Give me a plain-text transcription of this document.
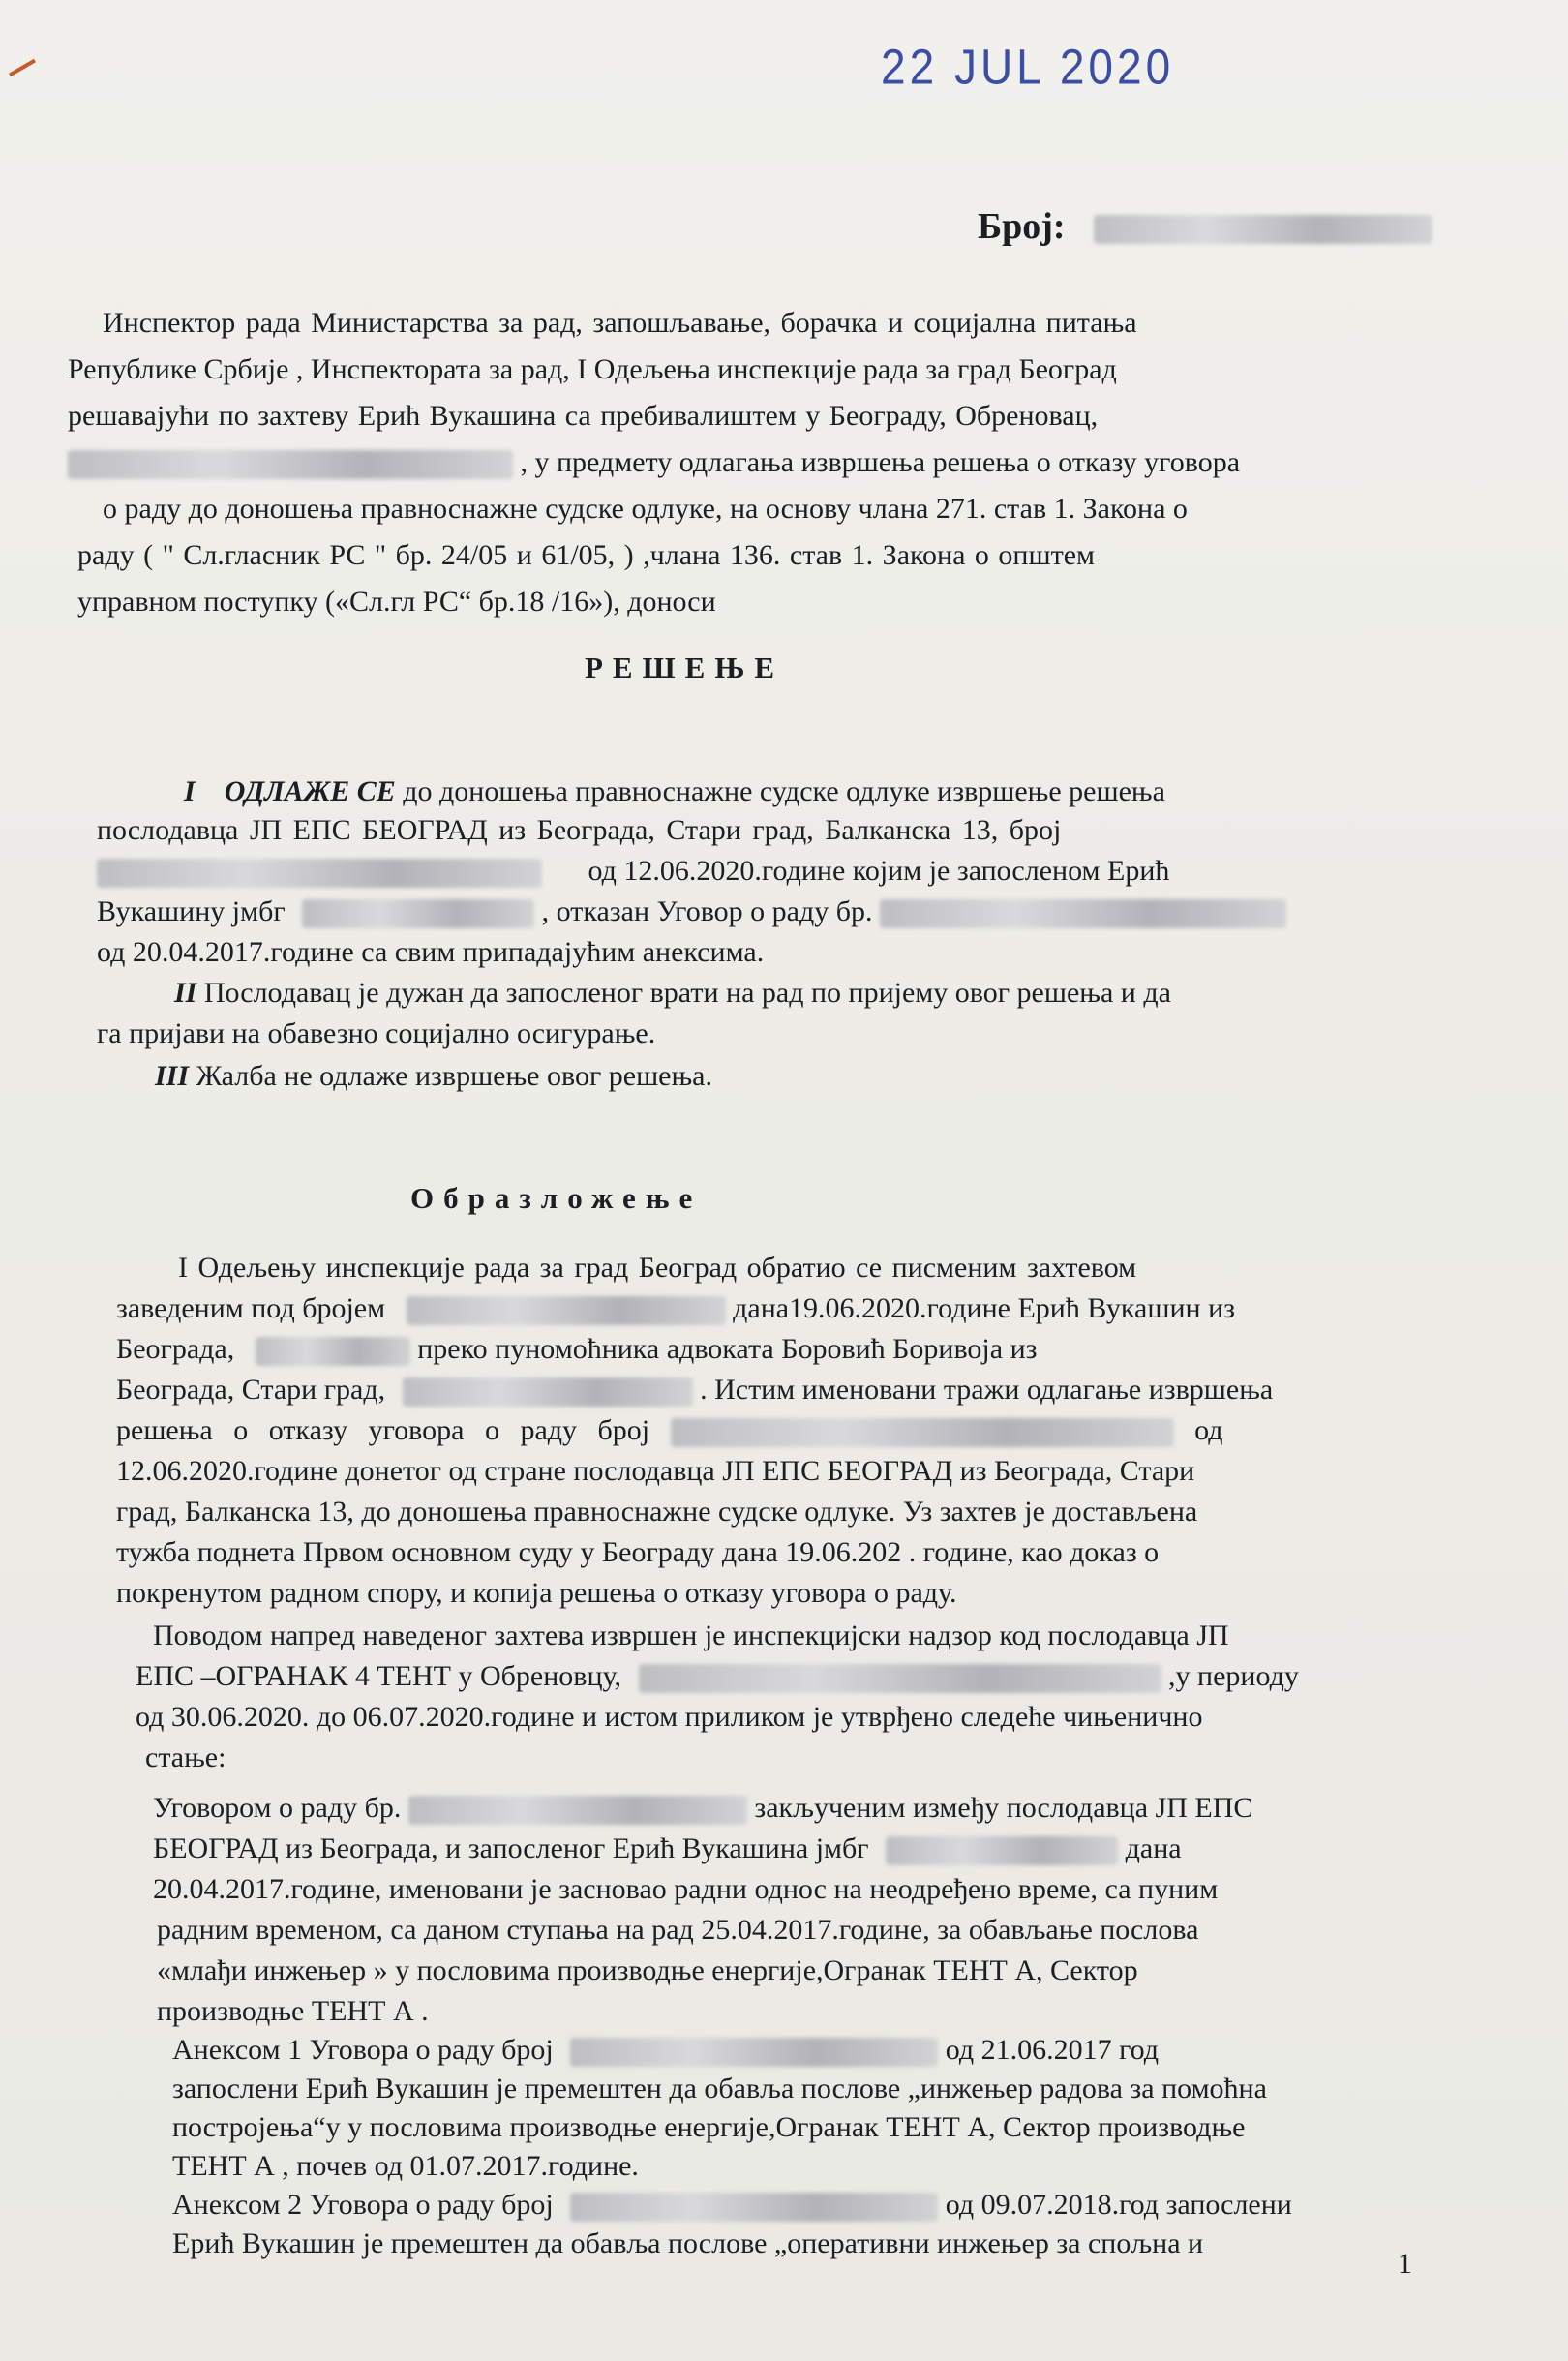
22 JUL 2020
Број:
Инспектор рада Министарства за рад, запошљавање, борачка и социјална питања
Републике Србије , Инспектората за рад, I Одељења инспекције рада за град Београд
решавајући по захтеву Ерић Вукашина са пребивалиштем у Београду, Обреновац,
, у предмету одлагања извршења решења о отказу уговора
о раду до доношења правноснажне судске одлуке, на основу члана 271. став 1. Закона о
раду ( " Сл.гласник РС " бр. 24/05 и 61/05, ) ,члана 136. став 1. Закона о општем
управном поступку («Сл.гл РС“ бр.18 /16»), доноси
РЕШЕЊЕ
I ОДЛАЖЕ СЕ до доношења правноснажне судске одлуке извршење решења
послодавца ЈП ЕПС БЕОГРАД из Београда, Стари град, Балканска 13, број
од 12.06.2020.године којим је запосленом Ерић
Вукашину јмбг	, отказан Уговор о раду бр.
од 20.04.2017.године са свим припадајућим анексима.
II Послодавац је дужан да запосленог врати на рад по пријему овог решења и да
га пријави на обавезно социјално осигурање.
III Жалба не одлаже извршење овог решења.
Образложење
I Одељењу инспекције рада за град Београд обратио се писменим захтевом
заведеним под бројем	дана19.06.2020.године Ерић Вукашин из
Београда,	преко пуномоћника адвоката Боровић Боривоја из
Београда, Стари град,	. Истим именовани тражи одлагање извршења
решења о отказу уговора о раду број	од
12.06.2020.године донетог од стране послодавца ЈП ЕПС БЕОГРАД из Београда, Стари
град, Балканска 13, до доношења правноснажне судске одлуке. Уз захтев је достављена
тужба поднета Првом основном суду у Београду дана 19.06.202 . године, као доказ о
покренутом радном спору, и копија решења о отказу уговора о раду.
Поводом напред наведеног захтева извршен је инспекцијски надзор код послодавца ЈП
ЕПС –ОГРАНАК 4 ТЕНТ у Обреновцу,	,у периоду
од 30.06.2020. до 06.07.2020.године и истом приликом је утврђено следеће чињенично
стање:
Уговором о раду бр.	закљученим између послодавца ЈП ЕПС
БЕОГРАД из Београда, и запосленог Ерић Вукашина јмбг	дана
20.04.2017.године, именовани је засновао радни однос на неодређено време, са пуним
радним временом, са даном ступања на рад 25.04.2017.године, за обављање послова
«млађи инжењер » у пословима производње енергије,Огранак ТЕНТ А, Сектор
производње ТЕНТ А .
Анексом 1 Уговора о раду број	од 21.06.2017 год
запослени Ерић Вукашин је премештен да обавља послове „инжењер радова за помоћна
постројења“у у пословима производње енергије,Огранак ТЕНТ А, Сектор производње
ТЕНТ А , почев од 01.07.2017.године.
Анексом 2 Уговора о раду број	од 09.07.2018.год запослени
Ерић Вукашин је премештен да обавља послове „оперативни инжењер за спољна и
1
